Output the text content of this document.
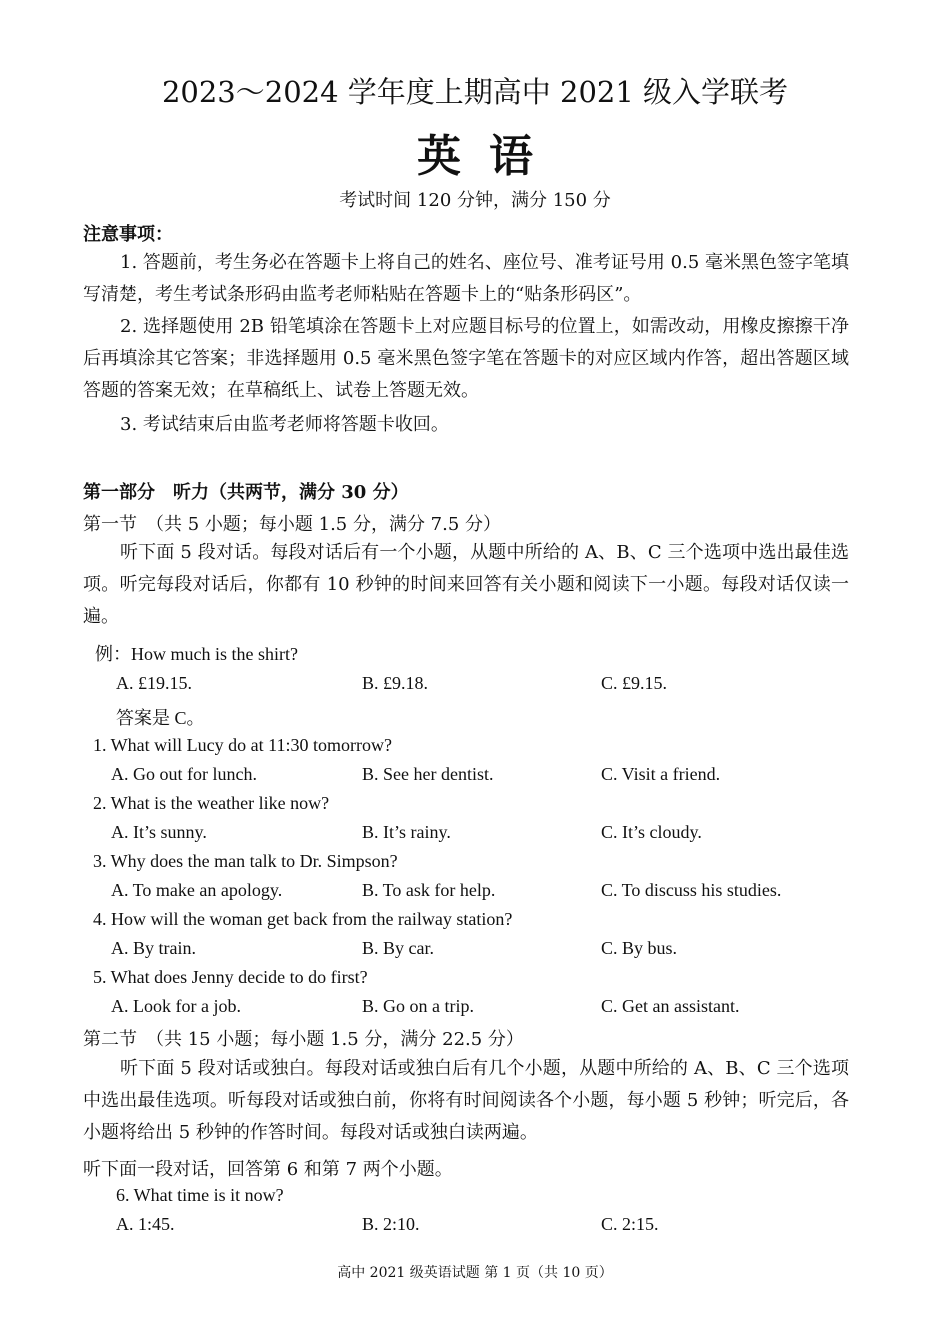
2023～2024 学年度上期高中 2021 级入学联考
英语
考试时间 120 分钟，满分 150 分
注意事项：

1. 答题前，考生务必在答题卡上将自己的姓名、座位号、准考证号用 0.5 毫米黑色签字笔填写清楚，考生考试条形码由监考老师粘贴在答题卡上的“贴条形码区”。

2. 选择题使用 2B 铅笔填涂在答题卡上对应题目标号的位置上，如需改动，用橡皮擦擦干净后再填涂其它答案；非选择题用 0.5 毫米黑色签字笔在答题卡的对应区域内作答，超出答题区域答题的答案无效；在草稿纸上、试卷上答题无效。

3. 考试结束后由监考老师将答题卡收回。

第一部分　听力（共两节，满分 30 分）
第一节　（共 5 小题；每小题 1.5 分，满分 7.5 分）

听下面 5 段对话。每段对话后有一个小题，从题中所给的 A、B、C 三个选项中选出最佳选项。听完每段对话后，你都有 10 秒钟的时间来回答有关小题和阅读下一小题。每段对话仅读一遍。

例：How much is the shirt?
A. £19.15.	B. £9.18.	C. £9.15.
答案是 C。
1. What will Lucy do at 11:30 tomorrow?
A. Go out for lunch.	B. See her dentist.	C. Visit a friend.
2. What is the weather like now?
A. It’s sunny.	B. It’s rainy.	C. It’s cloudy.
3. Why does the man talk to Dr. Simpson?
A. To make an apology.	B. To ask for help.	C. To discuss his studies.
4. How will the woman get back from the railway station?
A. By train.	B. By car.	C. By bus.
5. What does Jenny decide to do first?
A. Look for a job.	B. Go on a trip.	C. Get an assistant.
第二节　（共 15 小题；每小题 1.5 分，满分 22.5 分）

听下面 5 段对话或独白。每段对话或独白后有几个小题，从题中所给的 A、B、C 三个选项中选出最佳选项。听每段对话或独白前，你将有时间阅读各个小题，每小题 5 秒钟；听完后，各小题将给出 5 秒钟的作答时间。每段对话或独白读两遍。

听下面一段对话，回答第 6 和第 7 两个小题。
6. What time is it now?
A. 1:45.	B. 2:10.	C. 2:15.
高中 2021 级英语试题 第 1 页（共 10 页）
